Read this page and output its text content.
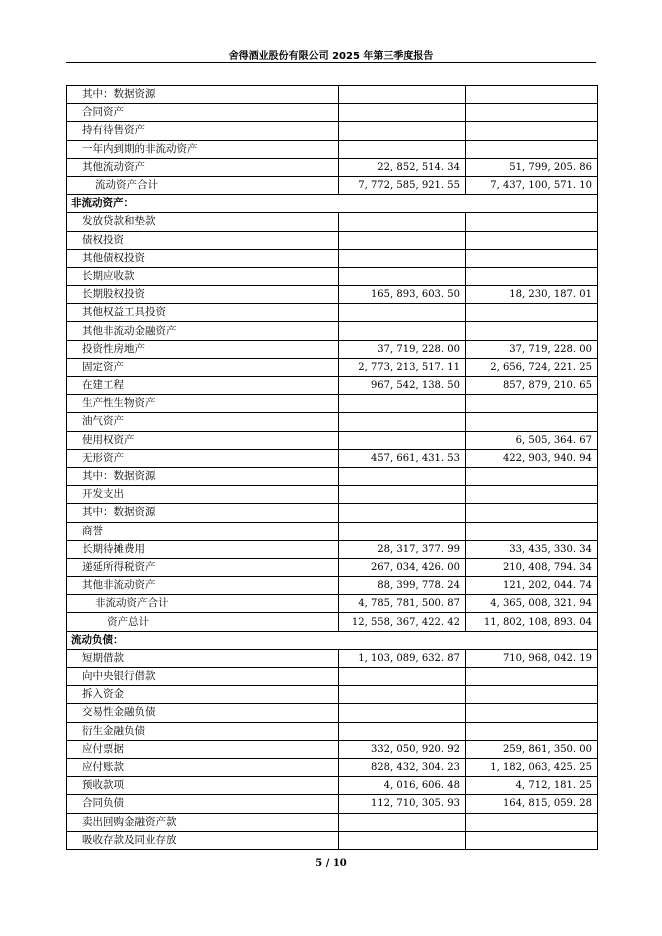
舍得酒业股份有限公司 2025 年第三季度报告
其中：数据资源		
合同资产		
持有待售资产		
一年内到期的非流动资产		
其他流动资产	22, 852, 514. 34	51, 799, 205. 86
流动资产合计	7, 772, 585, 921. 55	7, 437, 100, 571. 10
非流动资产：		
发放贷款和垫款		
债权投资		
其他债权投资		
长期应收款		
长期股权投资	165, 893, 603. 50	18, 230, 187. 01
其他权益工具投资		
其他非流动金融资产		
投资性房地产	37, 719, 228. 00	37, 719, 228. 00
固定资产	2, 773, 213, 517. 11	2, 656, 724, 221. 25
在建工程	967, 542, 138. 50	857, 879, 210. 65
生产性生物资产		
油气资产		
使用权资产		6, 505, 364. 67
无形资产	457, 661, 431. 53	422, 903, 940. 94
其中：数据资源		
开发支出		
其中：数据资源		
商誉		
长期待摊费用	28, 317, 377. 99	33, 435, 330. 34
递延所得税资产	267, 034, 426. 00	210, 408, 794. 34
其他非流动资产	88, 399, 778. 24	121, 202, 044. 74
非流动资产合计	4, 785, 781, 500. 87	4, 365, 008, 321. 94
资产总计	12, 558, 367, 422. 42	11, 802, 108, 893. 04
流动负债：		
短期借款	1, 103, 089, 632. 87	710, 968, 042. 19
向中央银行借款		
拆入资金		
交易性金融负债		
衍生金融负债		
应付票据	332, 050, 920. 92	259, 861, 350. 00
应付账款	828, 432, 304. 23	1, 182, 063, 425. 25
预收款项	4, 016, 606. 48	4, 712, 181. 25
合同负债	112, 710, 305. 93	164, 815, 059. 28
卖出回购金融资产款		
吸收存款及同业存放		
5 / 10
